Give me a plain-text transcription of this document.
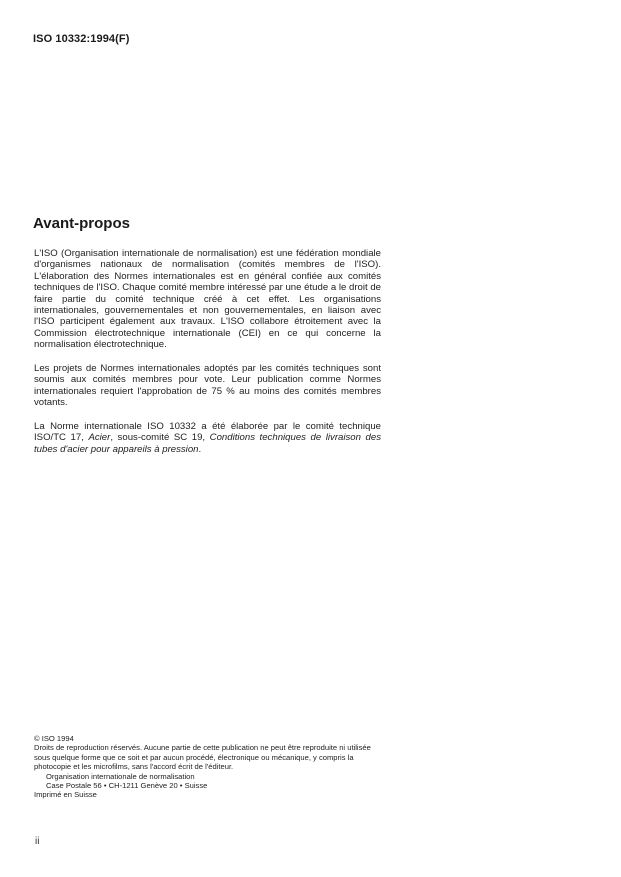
ISO 10332:1994(F)
Avant-propos
L'ISO (Organisation internationale de normalisation) est une fédération mondiale d'organismes nationaux de normalisation (comités membres de l'ISO). L'élaboration des Normes internationales est en général confiée aux comités techniques de l'ISO. Chaque comité membre intéressé par une étude a le droit de faire partie du comité technique créé à cet effet. Les organisations internationales, gouvernementales et non gouvernementales, en liaison avec l'ISO participent également aux travaux. L'ISO collabore étroitement avec la Commission électrotechnique internationale (CEI) en ce qui concerne la normalisation électrotechnique.
Les projets de Normes internationales adoptés par les comités techniques sont soumis aux comités membres pour vote. Leur publication comme Normes internationales requiert l'approbation de 75 % au moins des comités membres votants.
La Norme internationale ISO 10332 a été élaborée par le comité technique ISO/TC 17, Acier, sous-comité SC 19, Conditions techniques de livraison des tubes d'acier pour appareils à pression.
© ISO 1994
Droits de reproduction réservés. Aucune partie de cette publication ne peut être reproduite ni utilisée sous quelque forme que ce soit et par aucun procédé, électronique ou mécanique, y compris la photocopie et les microfilms, sans l'accord écrit de l'éditeur.
Organisation internationale de normalisation
Case Postale 56 • CH-1211 Genève 20 • Suisse
Imprimé en Suisse
ii
